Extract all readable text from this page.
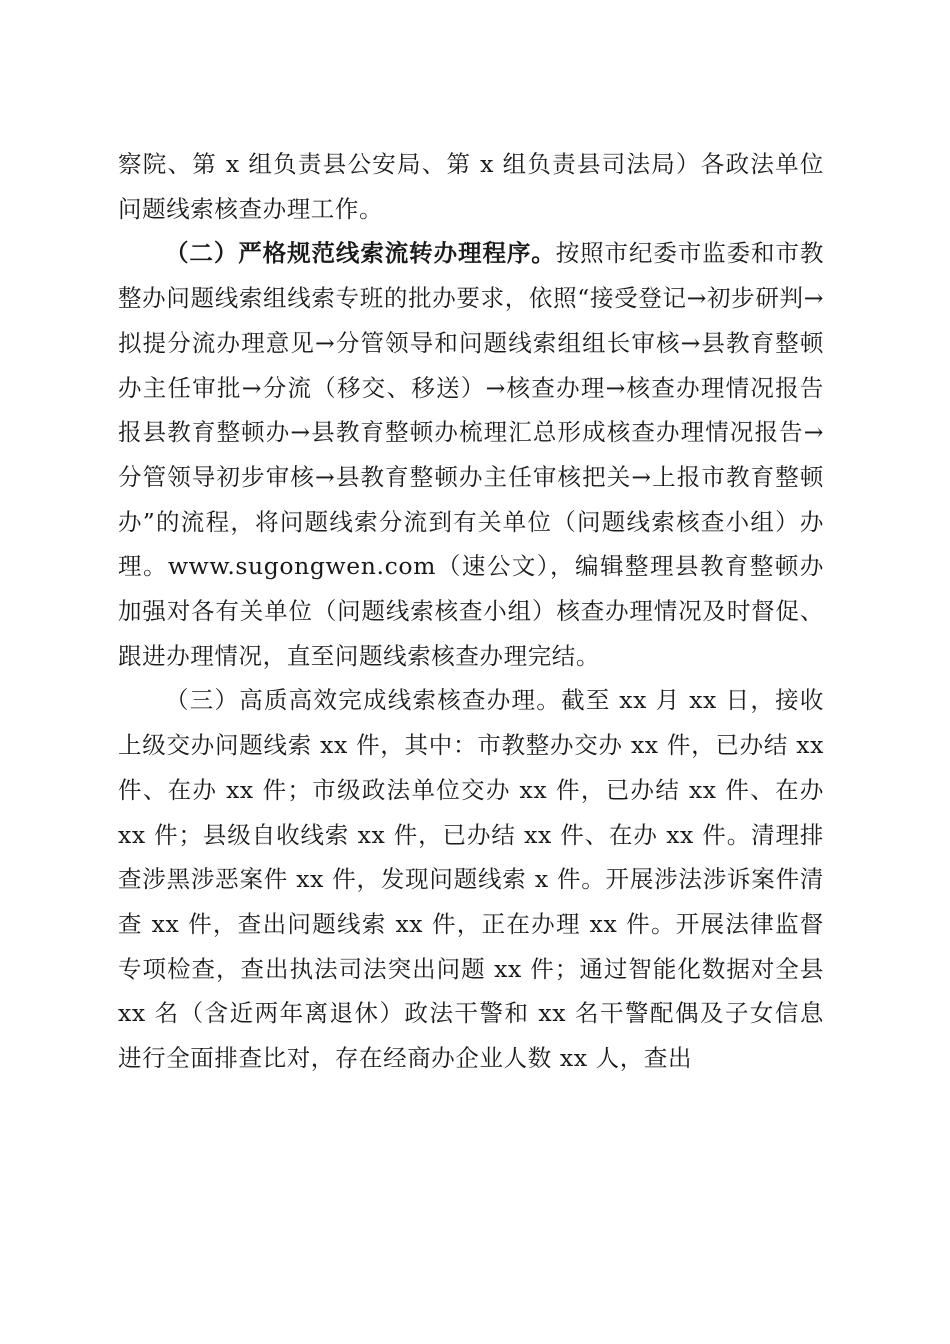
察院、第 x 组负责县公安局、第 x 组负责县司法局）各政法单位问题线索核查办理工作。

（二）严格规范线索流转办理程序。按照市纪委市监委和市教整办问题线索组线索专班的批办要求，依照“接受登记→初步研判→拟提分流办理意见→分管领导和问题线索组组长审核→县教育整顿办主任审批→分流（移交、移送）→核查办理→核查办理情况报告报县教育整顿办→县教育整顿办梳理汇总形成核查办理情况报告→分管领导初步审核→县教育整顿办主任审核把关→上报市教育整顿办”的流程，将问题线索分流到有关单位（问题线索核查小组）办理。www.sugongwen.com（速公文），编辑整理县教育整顿办加强对各有关单位（问题线索核查小组）核查办理情况及时督促、跟进办理情况，直至问题线索核查办理完结。

（三）高质高效完成线索核查办理。截至 xx 月 xx 日，接收上级交办问题线索 xx 件，其中：市教整办交办 xx 件，已办结 xx 件、在办 xx 件；市级政法单位交办 xx 件，已办结 xx 件、在办 xx 件；县级自收线索 xx 件，已办结 xx 件、在办 xx 件。清理排查涉黑涉恶案件 xx 件，发现问题线索 x 件。开展涉法涉诉案件清查 xx 件，查出问题线索 xx 件，正在办理 xx 件。开展法律监督专项检查，查出执法司法突出问题 xx 件；通过智能化数据对全县 xx 名（含近两年离退休）政法干警和 xx 名干警配偶及子女信息进行全面排查比对，存在经商办企业人数 xx 人，查出
